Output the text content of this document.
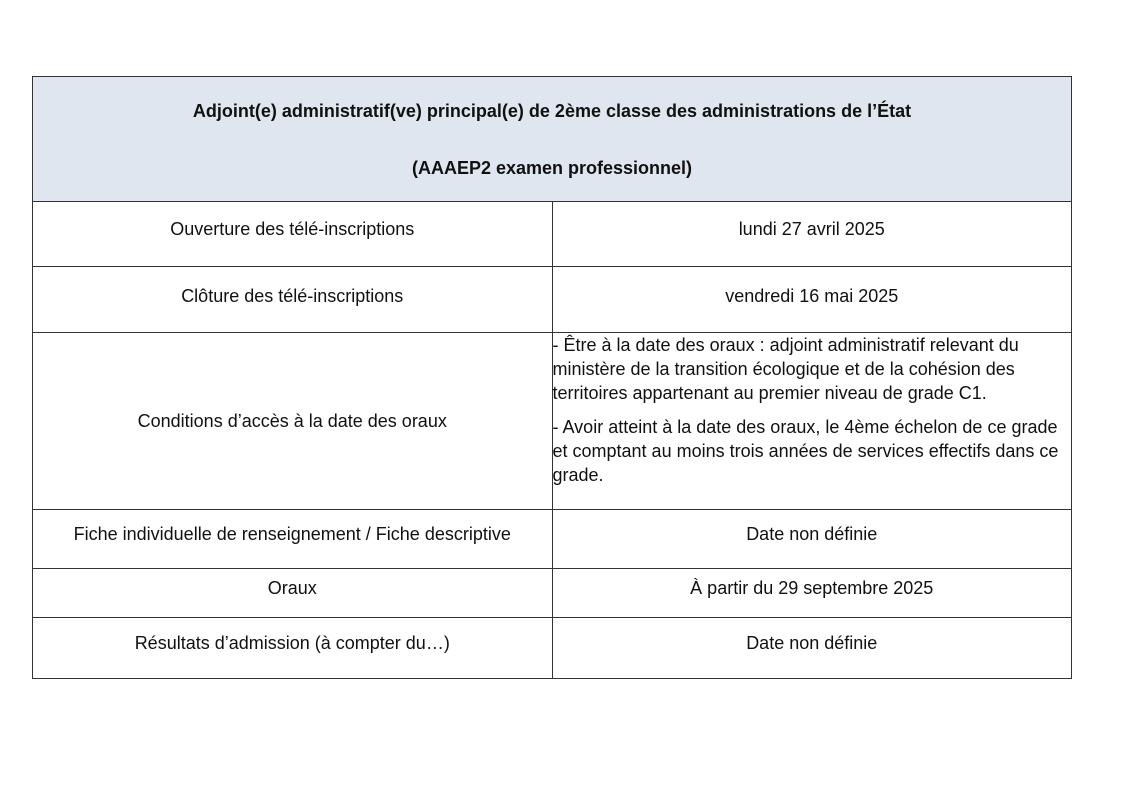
Adjoint(e) administratif(ve) principal(e) de 2ème classe des administrations de l’État
(AAAEP2 examen professionnel)	

Ouverture des télé-inscriptions	lundi 27 avril 2025
Clôture des télé-inscriptions	vendredi 16 mai 2025
Conditions d’accès à la date des oraux	- Être à la date des oraux : adjoint administratif relevant du ministère de la transition écologique et de la cohésion des territoires appartenant au premier niveau de grade C1.

- Avoir atteint à la date des oraux, le 4ème échelon de ce grade et comptant au moins trois années de services effectifs dans ce grade.

Fiche individuelle de renseignement / Fiche descriptive	Date non définie
Oraux	À partir du 29 septembre 2025
Résultats d’admission (à compter du…)	Date non définie
